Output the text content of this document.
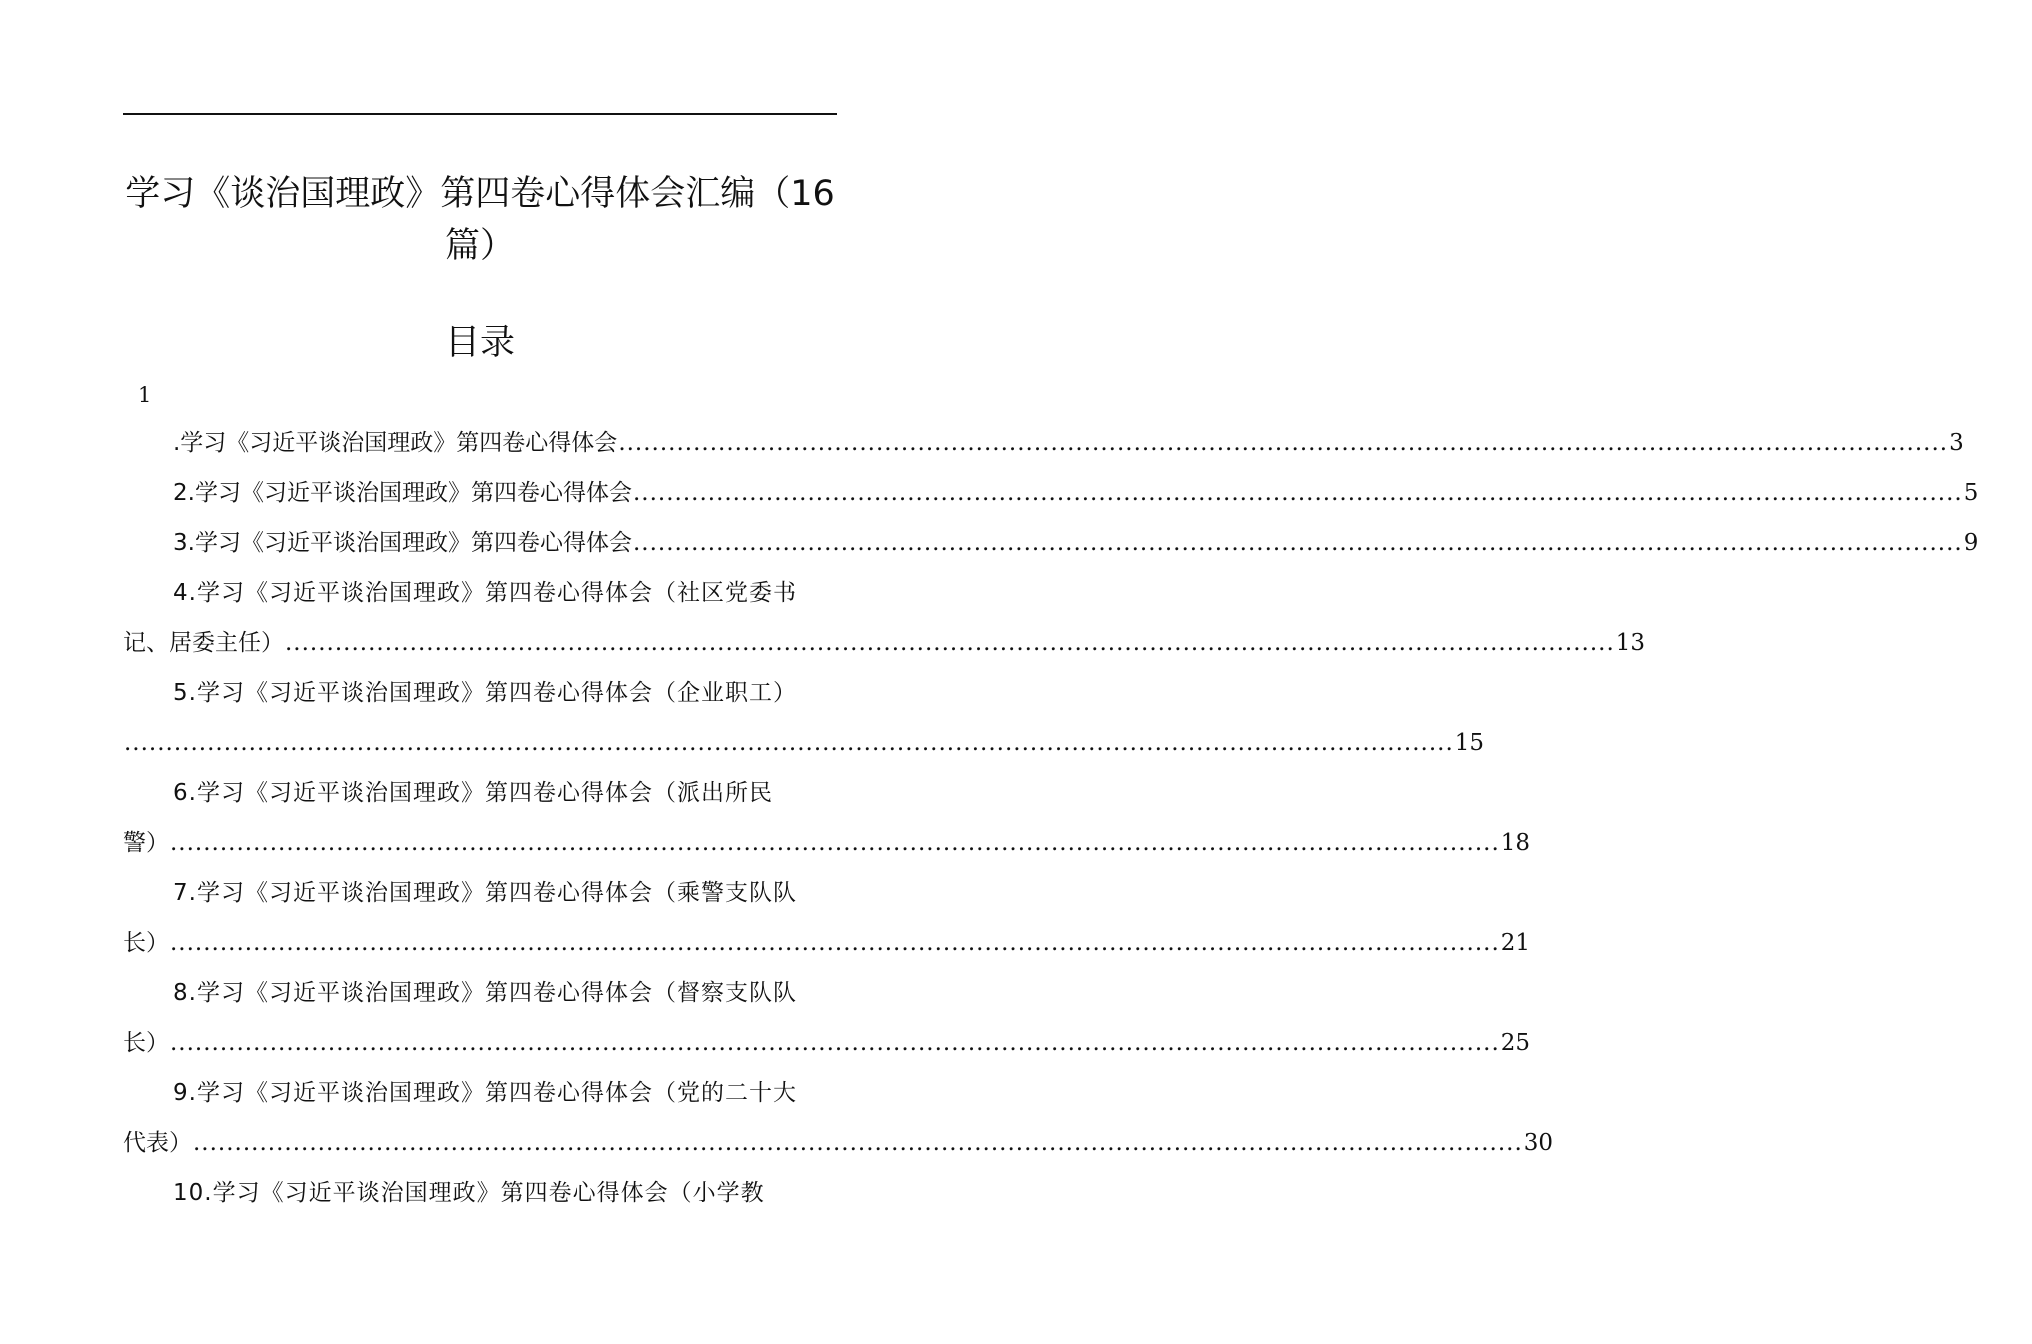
学习《谈治国理政》第四卷心得体会汇编（16
篇）
目录
1
.学习《习近平谈治国理政》第四卷心得体会 ................................................................................................................................................................ 3
2.学习《习近平谈治国理政》第四卷心得体会 ................................................................................................................................................................ 5
3.学习《习近平谈治国理政》第四卷心得体会 ................................................................................................................................................................ 9
4.学习《习近平谈治国理政》第四卷心得体会（社区党委书
记、居委主任） ................................................................................................................................................................ 13
5.学习《习近平谈治国理政》第四卷心得体会（企业职工）
................................................................................................................................................................ 15
6.学习《习近平谈治国理政》第四卷心得体会（派出所民
警） ................................................................................................................................................................ 18
7.学习《习近平谈治国理政》第四卷心得体会（乘警支队队
长） ................................................................................................................................................................ 21
8.学习《习近平谈治国理政》第四卷心得体会（督察支队队
长） ................................................................................................................................................................ 25
9.学习《习近平谈治国理政》第四卷心得体会（党的二十大
代表） ................................................................................................................................................................ 30
10.学习《习近平谈治国理政》第四卷心得体会（小学教
